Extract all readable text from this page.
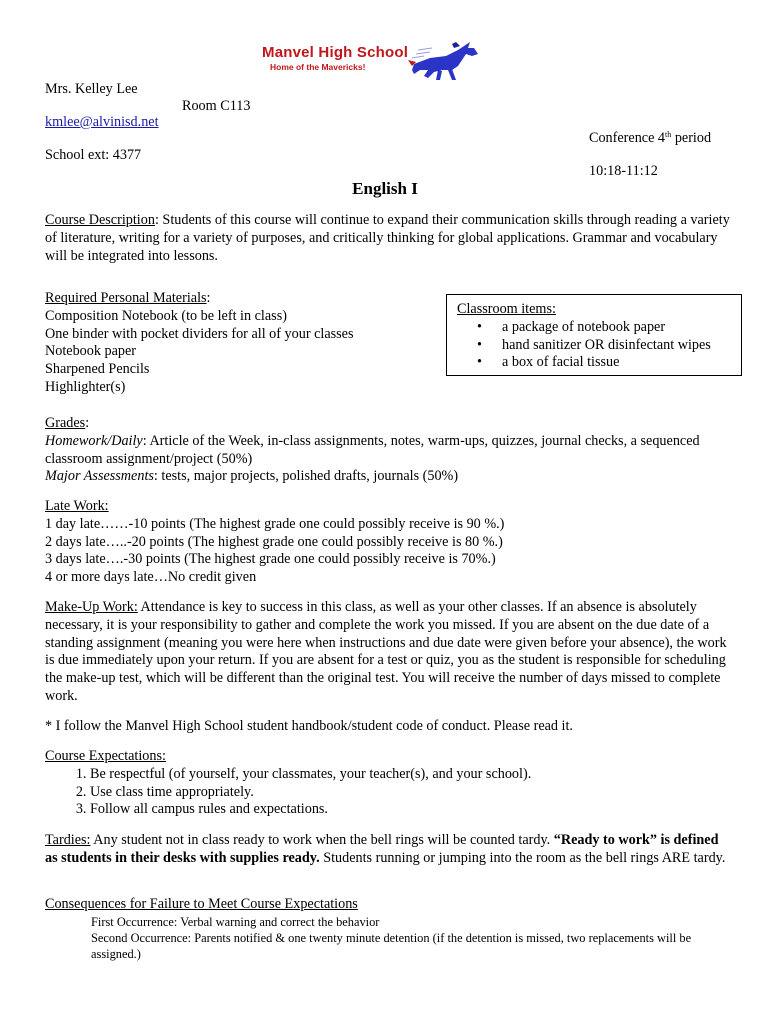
Manvel High School
Home of the Mavericks!
Mrs. Kelley Lee
Room C113
kmlee@alvinisd.net
Conference 4th period
School ext: 4377
10:18-11:12
English I
Course Description: Students of this course will continue to expand their communication skills through reading a variety of literature, writing for a variety of purposes, and critically thinking for global applications. Grammar and vocabulary will be integrated into lessons.
Required Personal Materials:
Composition Notebook (to be left in class)
One binder with pocket dividers for all of your classes
Notebook paper
Sharpened Pencils
Highlighter(s)
Classroom items:
• a package of notebook paper
• hand sanitizer OR disinfectant wipes
• a box of facial tissue
Grades:
Homework/Daily: Article of the Week, in-class assignments, notes, warm-ups, quizzes, journal checks, a sequenced classroom assignment/project (50%)
Major Assessments: tests, major projects, polished drafts, journals (50%)
Late Work:
1 day late……-10 points (The highest grade one could possibly receive is 90 %.)
2 days late…..-20 points (The highest grade one could possibly receive is 80 %.)
3 days late….-30 points (The highest grade one could possibly receive is 70%.)
4 or more days late…No credit given
Make-Up Work: Attendance is key to success in this class, as well as your other classes. If an absence is absolutely necessary, it is your responsibility to gather and complete the work you missed. If you are absent on the due date of a standing assignment (meaning you were here when instructions and due date were given before your absence), the work is due immediately upon your return. If you are absent for a test or quiz, you as the student is responsible for scheduling the make-up test, which will be different than the original test. You will receive the number of days missed to complete work.
* I follow the Manvel High School student handbook/student code of conduct. Please read it.
Course Expectations:
1. Be respectful (of yourself, your classmates, your teacher(s), and your school).
2. Use class time appropriately.
3. Follow all campus rules and expectations.
Tardies: Any student not in class ready to work when the bell rings will be counted tardy. “Ready to work” is defined as students in their desks with supplies ready. Students running or jumping into the room as the bell rings ARE tardy.
Consequences for Failure to Meet Course Expectations
First Occurrence: Verbal warning and correct the behavior
Second Occurrence: Parents notified & one twenty minute detention (if the detention is missed, two replacements will be assigned.)
